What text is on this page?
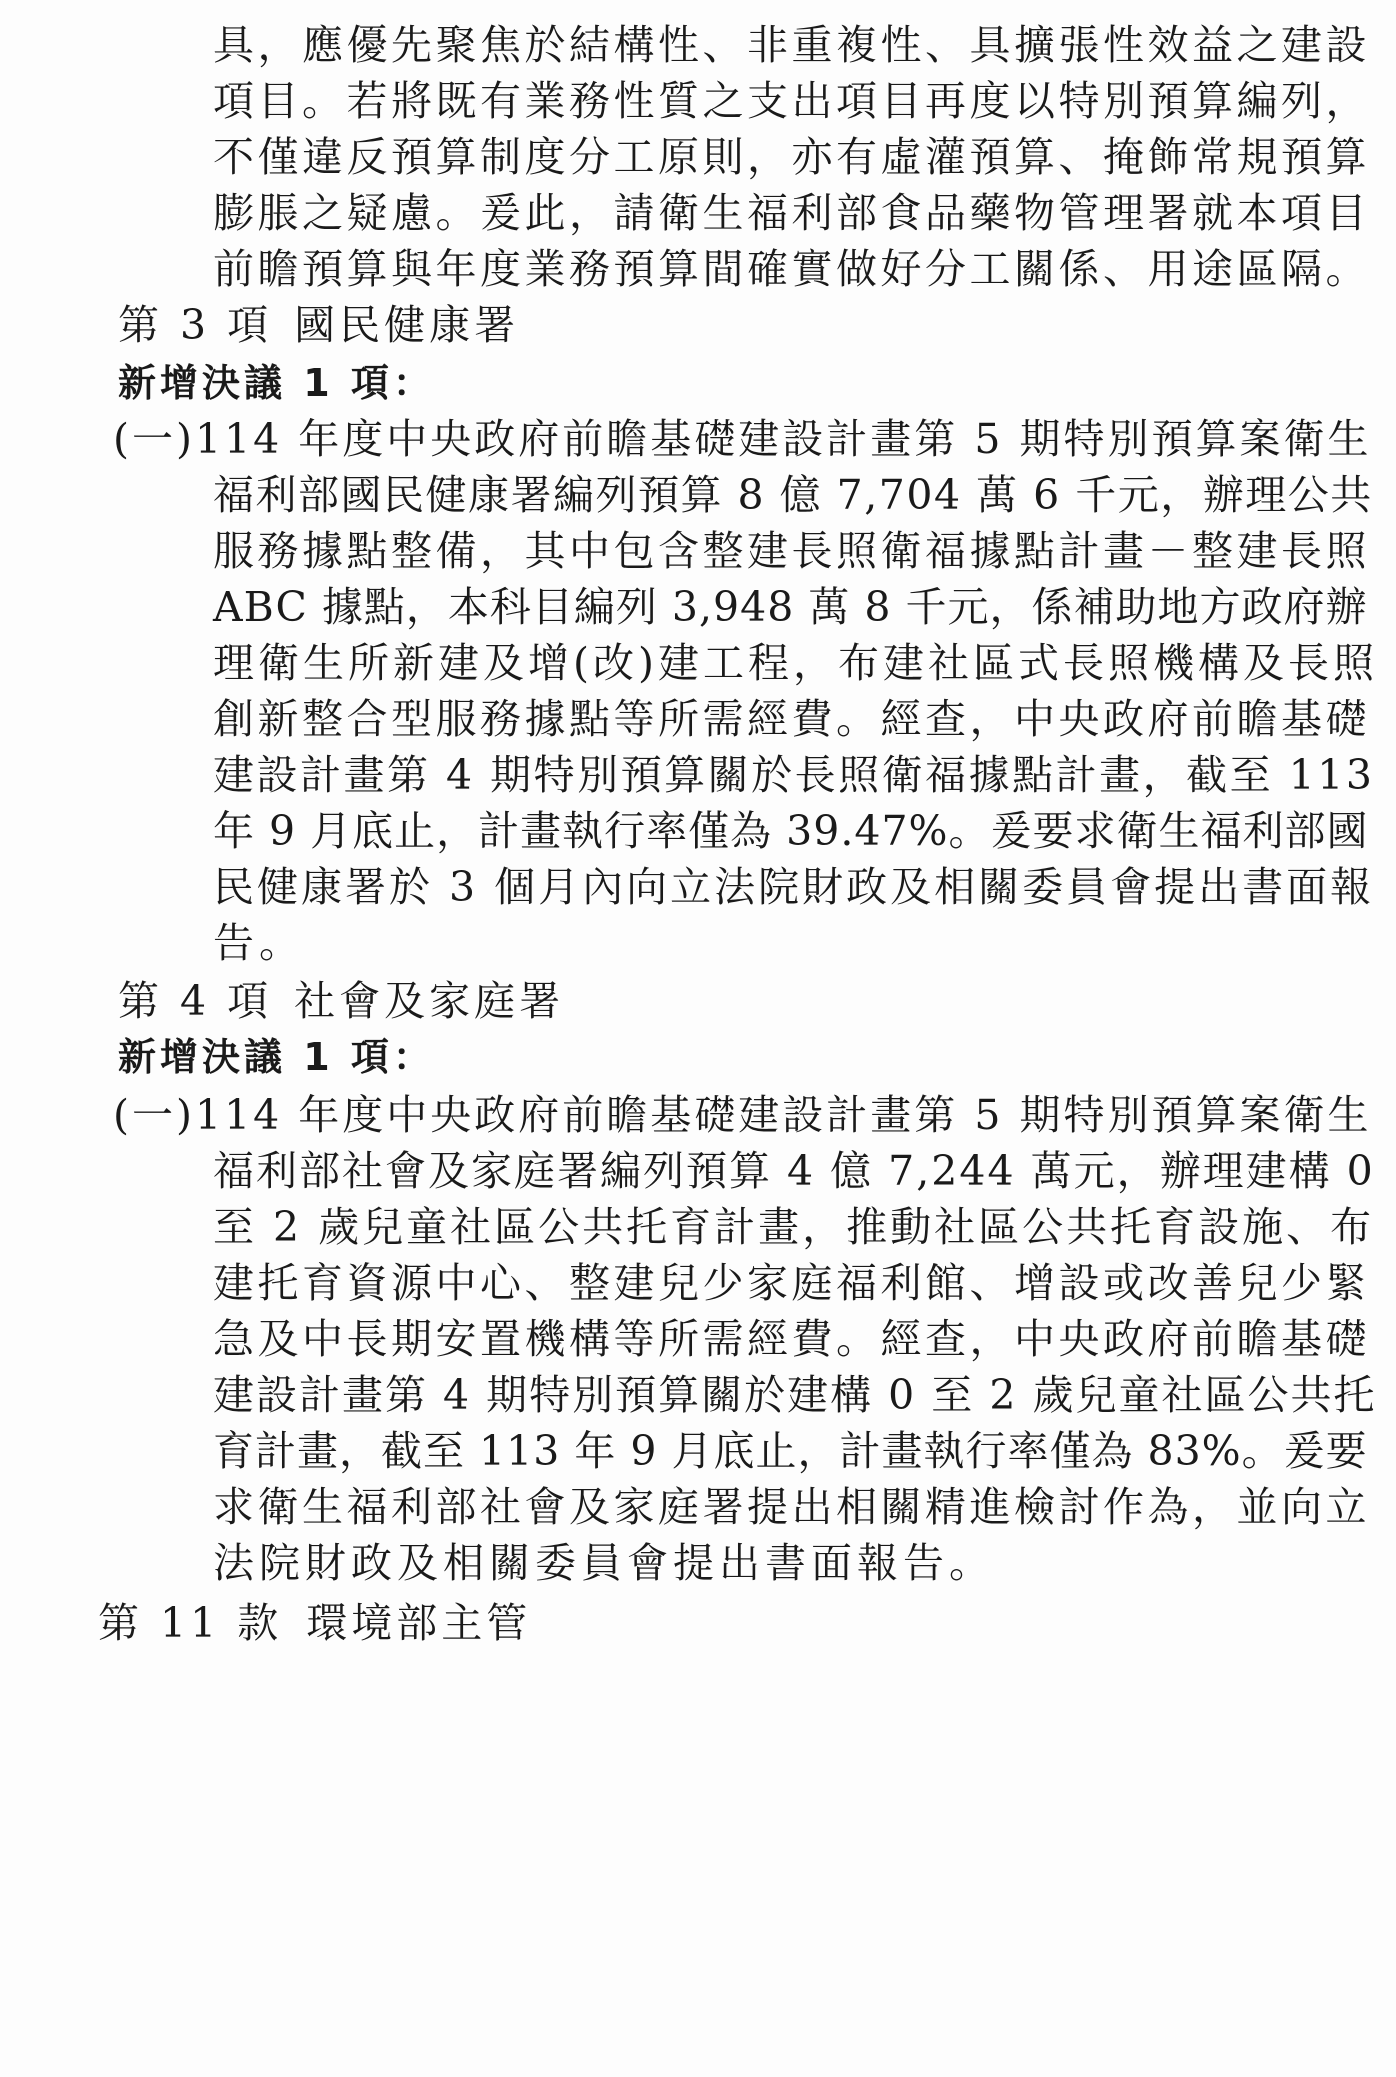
具，應優先聚焦於結構性、非重複性、具擴張性效益之建設
項目。若將既有業務性質之支出項目再度以特別預算編列，
不僅違反預算制度分工原則，亦有虛灌預算、掩飾常規預算
膨脹之疑慮。爰此，請衛生福利部食品藥物管理署就本項目
前瞻預算與年度業務預算間確實做好分工關係、用途區隔。
第 3 項 國民健康署
新增決議 1 項：
(一)114 年度中央政府前瞻基礎建設計畫第 5 期特別預算案衛生
福利部國民健康署編列預算 8 億 7,704 萬 6 千元，辦理公共
服務據點整備，其中包含整建長照衛福據點計畫－整建長照
ABC 據點，本科目編列 3,948 萬 8 千元，係補助地方政府辦
理衛生所新建及增(改)建工程，布建社區式長照機構及長照
創新整合型服務據點等所需經費。經查，中央政府前瞻基礎
建設計畫第 4 期特別預算關於長照衛福據點計畫，截至 113
年 9 月底止，計畫執行率僅為 39.47%。爰要求衛生福利部國
民健康署於 3 個月內向立法院財政及相關委員會提出書面報
告。
第 4 項 社會及家庭署
新增決議 1 項：
(一)114 年度中央政府前瞻基礎建設計畫第 5 期特別預算案衛生
福利部社會及家庭署編列預算 4 億 7,244 萬元，辦理建構 0
至 2 歲兒童社區公共托育計畫，推動社區公共托育設施、布
建托育資源中心、整建兒少家庭福利館、增設或改善兒少緊
急及中長期安置機構等所需經費。經查，中央政府前瞻基礎
建設計畫第 4 期特別預算關於建構 0 至 2 歲兒童社區公共托
育計畫，截至 113 年 9 月底止，計畫執行率僅為 83%。爰要
求衛生福利部社會及家庭署提出相關精進檢討作為，並向立
法院財政及相關委員會提出書面報告。
第 11 款 環境部主管
